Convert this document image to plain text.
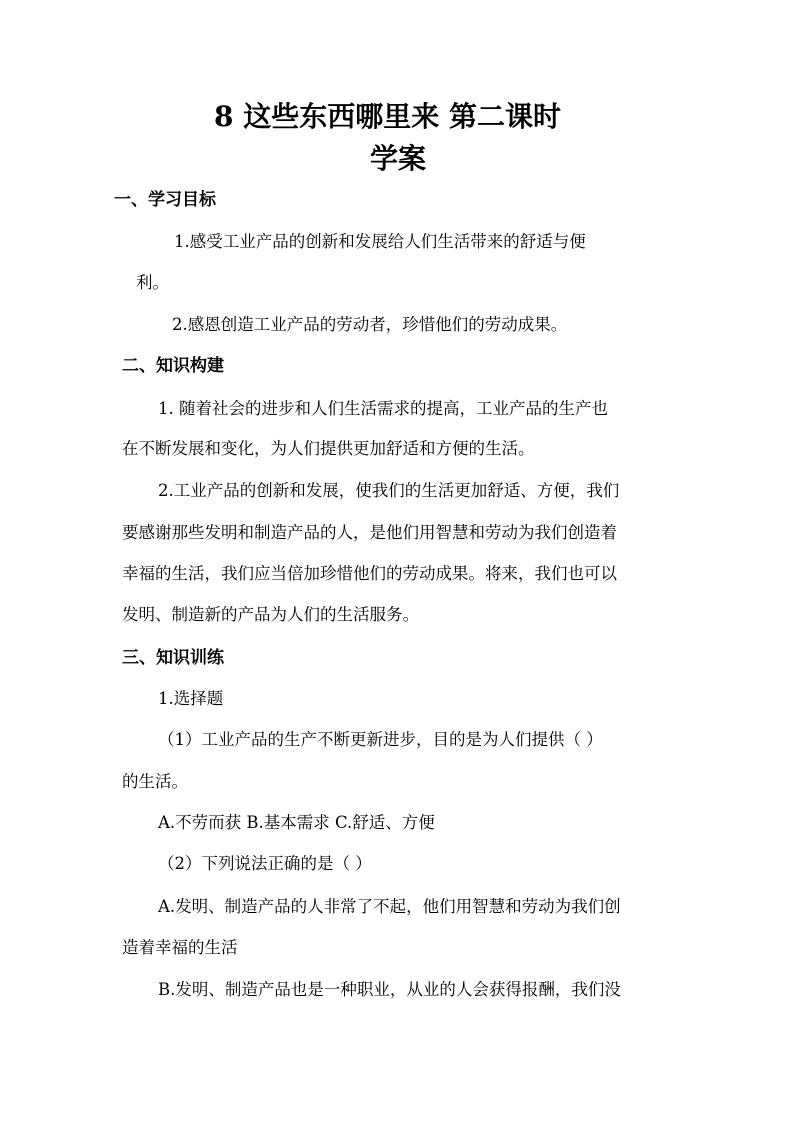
8 这些东西哪里来 第二课时
学案
一、学习目标
1.感受工业产品的创新和发展给人们生活带来的舒适与便
利。
2.感恩创造工业产品的劳动者，珍惜他们的劳动成果。
二、知识构建
1. 随着社会的进步和人们生活需求的提高，工业产品的生产也
在不断发展和变化，为人们提供更加舒适和方便的生活。
2.工业产品的创新和发展，使我们的生活更加舒适、方便，我们
要感谢那些发明和制造产品的人，是他们用智慧和劳动为我们创造着
幸福的生活，我们应当倍加珍惜他们的劳动成果。将来，我们也可以
发明、制造新的产品为人们的生活服务。
三、知识训练
1.选择题
（1）工业产品的生产不断更新进步，目的是为人们提供（ ）
的生活。
A.不劳而获 B.基本需求 C.舒适、方便
（2）下列说法正确的是（ ）
A.发明、制造产品的人非常了不起，他们用智慧和劳动为我们创
造着幸福的生活
B.发明、制造产品也是一种职业，从业的人会获得报酬，我们没
